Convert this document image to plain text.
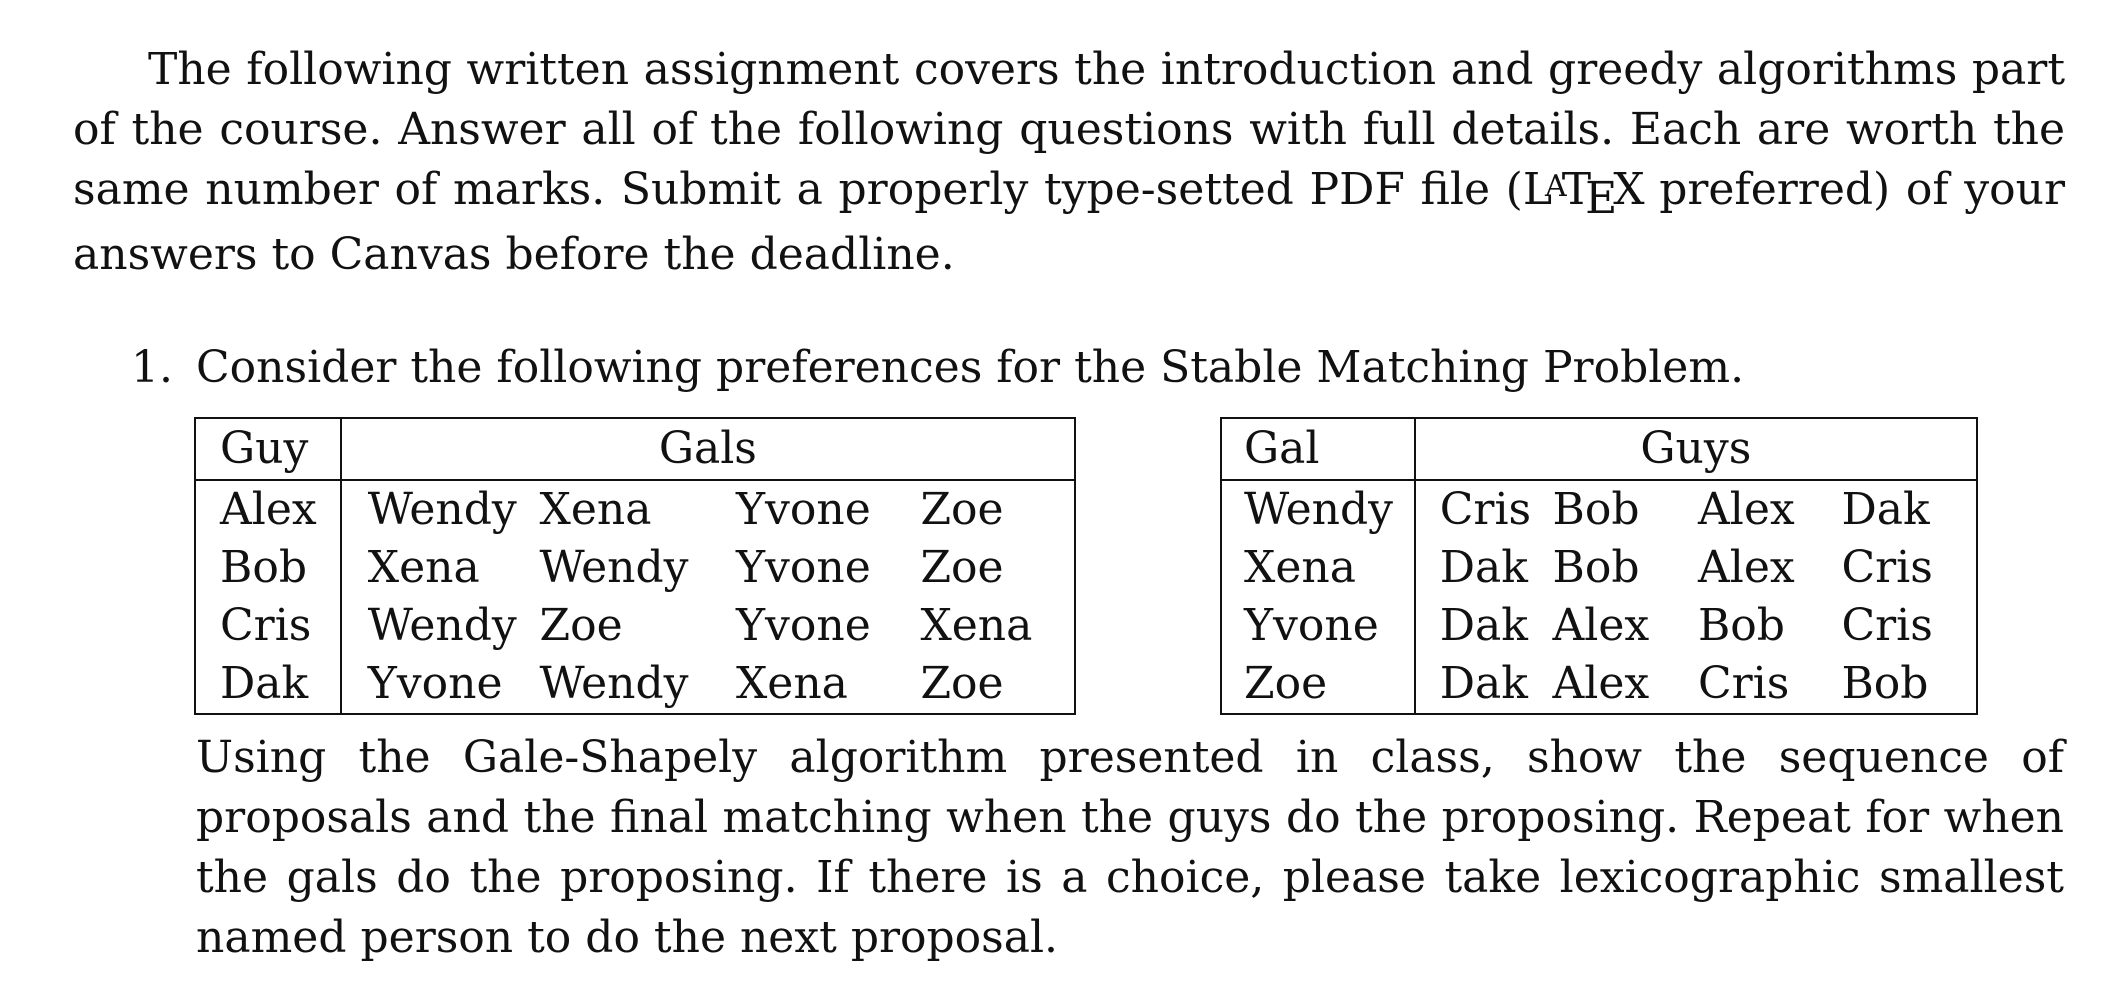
The following written assignment covers the introduction and greedy algorithms part of the course. Answer all of the following questions with full details. Each are worth the same number of marks. Submit a properly type-setted PDF file (LATEX preferred) of your answers to Canvas before the deadline.
1. Consider the following preferences for the Stable Matching Problem.
Guy	Gals			
Alex	Wendy	Xena	Yvone	Zoe
Bob	Xena	Wendy	Yvone	Zoe
Cris	Wendy	Zoe	Yvone	Xena
Dak	Yvone	Wendy	Xena	Zoe
Gal	Guys			
Wendy	Cris	Bob	Alex	Dak
Xena	Dak	Bob	Alex	Cris
Yvone	Dak	Alex	Bob	Cris
Zoe	Dak	Alex	Cris	Bob
Using the Gale-Shapely algorithm presented in class, show the sequence of proposals and the final matching when the guys do the proposing. Repeat for when the gals do the proposing. If there is a choice, please take lexicographic smallest named person to do the next proposal.
